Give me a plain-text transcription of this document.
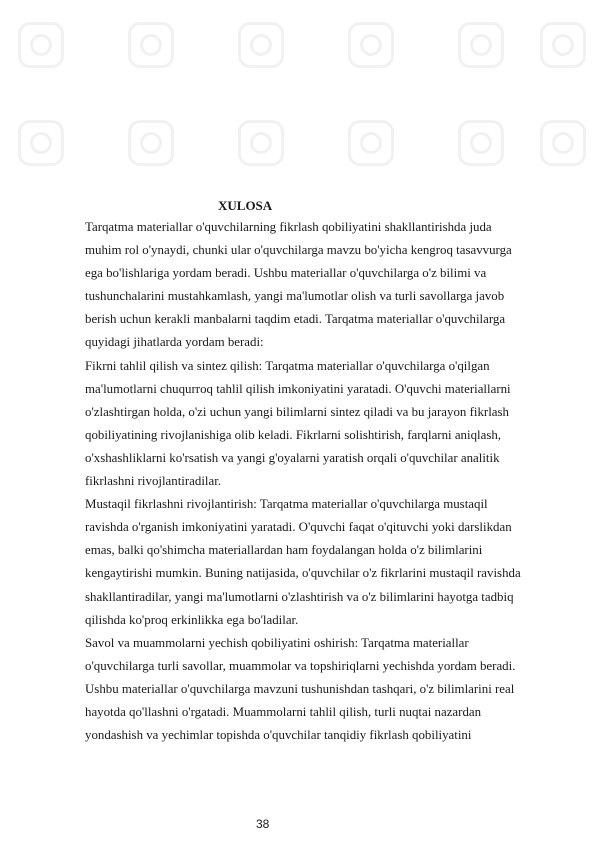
XULOSA
Tarqatma materiallar o'quvchilarning fikrlash qobiliyatini shakllantirishda juda
muhim rol o'ynaydi, chunki ular o'quvchilarga mavzu bo'yicha kengroq tasavvurga
ega bo'lishlariga yordam beradi. Ushbu materiallar o'quvchilarga o'z bilimi va
tushunchalarini mustahkamlash, yangi ma'lumotlar olish va turli savollarga javob
berish uchun kerakli manbalarni taqdim etadi. Tarqatma materiallar o'quvchilarga
quyidagi jihatlarda yordam beradi:
Fikrni tahlil qilish va sintez qilish: Tarqatma materiallar o'quvchilarga o'qilgan
ma'lumotlarni chuqurroq tahlil qilish imkoniyatini yaratadi. O'quvchi materiallarni
o'zlashtirgan holda, o'zi uchun yangi bilimlarni sintez qiladi va bu jarayon fikrlash
qobiliyatining rivojlanishiga olib keladi. Fikrlarni solishtirish, farqlarni aniqlash,
o'xshashliklarni ko'rsatish va yangi g'oyalarni yaratish orqali o'quvchilar analitik
fikrlashni rivojlantiradilar.
Mustaqil fikrlashni rivojlantirish: Tarqatma materiallar o'quvchilarga mustaqil
ravishda o'rganish imkoniyatini yaratadi. O'quvchi faqat o'qituvchi yoki darslikdan
emas, balki qo'shimcha materiallardan ham foydalangan holda o'z bilimlarini
kengaytirishi mumkin. Buning natijasida, o'quvchilar o'z fikrlarini mustaqil ravishda
shakllantiradilar, yangi ma'lumotlarni o'zlashtirish va o'z bilimlarini hayotga tadbiq
qilishda ko'proq erkinlikka ega bo'ladilar.
Savol va muammolarni yechish qobiliyatini oshirish: Tarqatma materiallar
o'quvchilarga turli savollar, muammolar va topshiriqlarni yechishda yordam beradi.
Ushbu materiallar o'quvchilarga mavzuni tushunishdan tashqari, o'z bilimlarini real
hayotda qo'llashni o'rgatadi. Muammolarni tahlil qilish, turli nuqtai nazardan
yondashish va yechimlar topishda o'quvchilar tanqidiy fikrlash qobiliyatini
38
